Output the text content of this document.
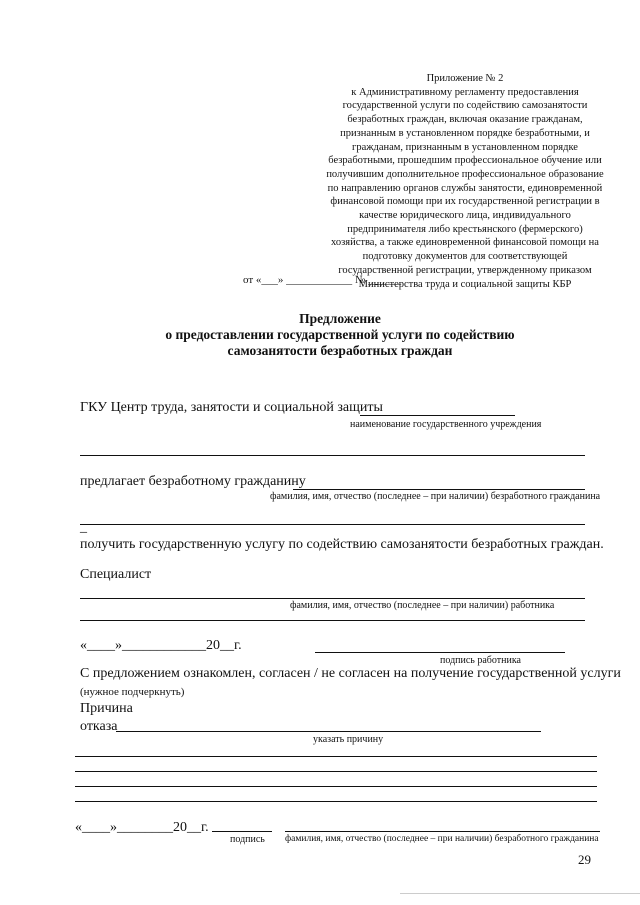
Приложение № 2
к Административному регламенту предоставления
государственной услуги по содействию самозанятости
безработных граждан, включая оказание гражданам,
признанным в установленном порядке безработными, и
гражданам, признанным в установленном порядке
безработными, прошедшим профессиональное обучение или
получившим дополнительное профессиональное образование
по направлению органов службы занятости, единовременной
финансовой помощи при их государственной регистрации в
качестве юридического лица, индивидуального
предпринимателя либо крестьянского (фермерского)
хозяйства, а также единовременной финансовой помощи на
подготовку документов для соответствующей
государственной регистрации, утвержденному приказом
Министерства труда и социальной защиты КБР
от «___» ____________ № ______
Предложение
о предоставлении государственной услуги по содействию
самозанятости безработных граждан
ГКУ Центр труда, занятости и социальной защиты
наименование государственного учреждения
предлагает безработному гражданину
фамилия, имя, отчество (последнее – при наличии) безработного гражданина
_
получить государственную услугу по содействию самозанятости безработных граждан.
Специалист
фамилия, имя, отчество (последнее – при наличии) работника
«____»____________20__г.
подпись работника
С предложением ознакомлен, согласен / не согласен на получение государственной услуги
(нужное подчеркнуть)
Причина
отказа
указать причину
«____»________20__г.
подпись фамилия, имя, отчество (последнее – при наличии) безработного гражданина
29
